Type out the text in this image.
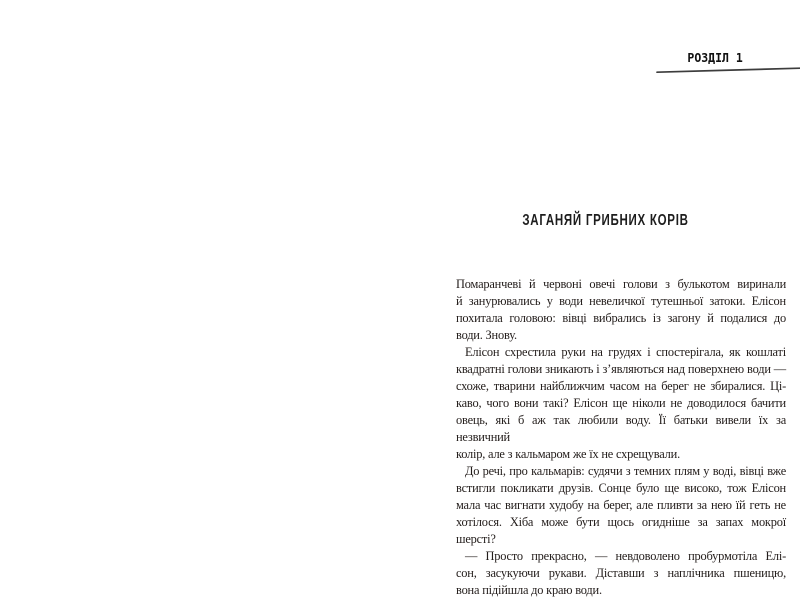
РОЗДІЛ 1
ЗАГАНЯЙ ГРИБНИХ КОРІВ

Помаранчеві й червоні овечі голови з булькотом виринали
й занурювались у води невеличкої тутешньої затоки. Елісон
похитала головою: вівці вибрались із загону й подалися до
води. Знову.

Елісон схрестила руки на грудях і спостерігала, як кошлаті
квадратні голови зникають і з’являються над поверхнею води —
схоже, тварини найближчим часом на берег не збиралися. Ці-
каво, чого вони такі? Елісон ще ніколи не доводилося бачити
овець, які б аж так любили воду. Її батьки вивели їх за незвичний
колір, але з кальмаром же їх не схрещували.

До речі, про кальмарів: судячи з темних плям у воді, вівці вже
встигли покликати друзів. Сонце було ще високо, тож Елісон
мала час вигнати худобу на берег, але пливти за нею їй геть не
хотілося. Хіба може бути щось огидніше за запах мокрої шерсті?

— Просто прекрасно, — невдоволено пробурмотіла Елі-
сон, засукуючи рукави. Діставши з наплічника пшеницю,
вона підійшла до краю води.
